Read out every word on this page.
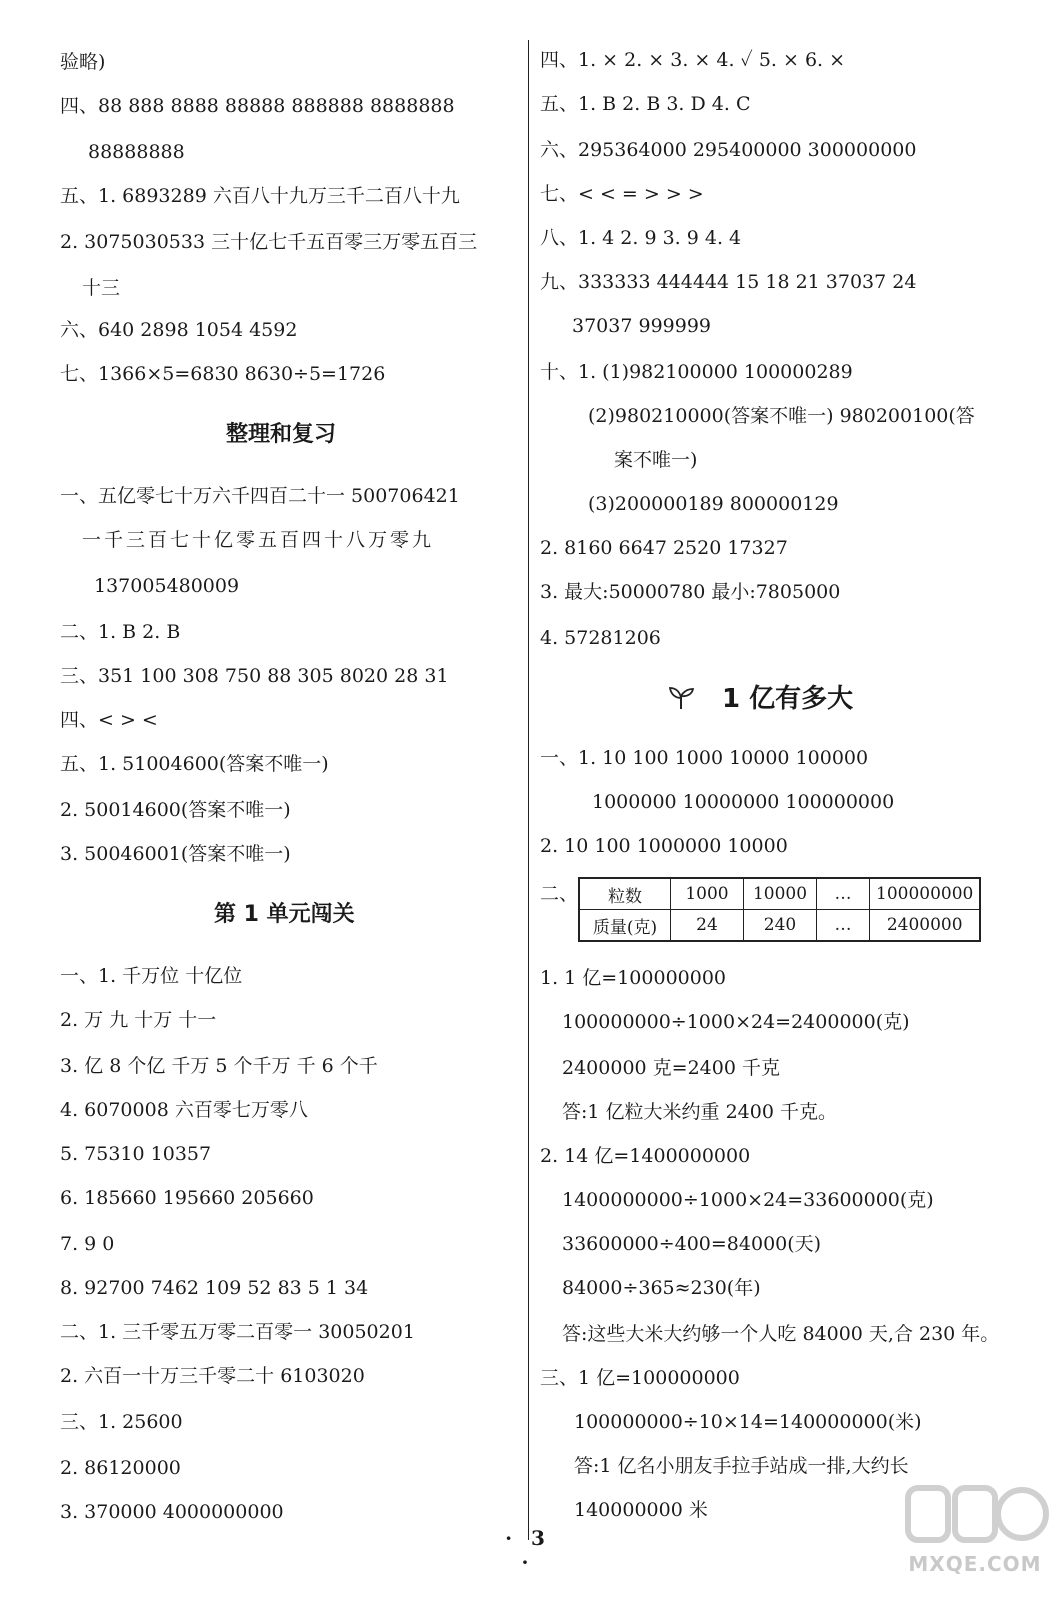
验略)
四、88 888 8888 88888 888888 8888888
88888888
五、1. 6893289 六百八十九万三千二百八十九
2. 3075030533 三十亿七千五百零三万零五百三
十三
六、640 2898 1054 4592
七、1366×5=6830 8630÷5=1726
整理和复习
一、五亿零七十万六千四百二十一 500706421
一千三百七十亿零五百四十八万零九
137005480009
二、1. B 2. B
三、351 100 308 750 88 305 8020 28 31
四、< > <
五、1. 51004600(答案不唯一)
2. 50014600(答案不唯一)
3. 50046001(答案不唯一)
第 1 单元闯关
一、1. 千万位 十亿位
2. 万 九 十万 十一
3. 亿 8 个亿 千万 5 个千万 千 6 个千
4. 6070008 六百零七万零八
5. 75310 10357
6. 185660 195660 205660
7. 9 0
8. 92700 7462 109 52 83 5 1 34
二、1. 三千零五万零二百零一 30050201
2. 六百一十万三千零二十 6103020
三、1. 25600
2. 86120000
3. 370000 4000000000
四、1. × 2. × 3. × 4. ✓ 5. × 6. ×
五、1. B 2. B 3. D 4. C
六、295364000 295400000 300000000
七、< < = > > >
八、1. 4 2. 9 3. 9 4. 4
九、333333 444444 15 18 21 37037 24
37037 999999
十、1. (1)982100000 100000289
(2)980210000(答案不唯一) 980200100(答
案不唯一)
(3)200000189 800000129
2. 8160 6647 2520 17327
3. 最大:50000780 最小:7805000
4. 57281206
1 亿有多大
一、1. 10 100 1000 10000 100000
1000000 10000000 100000000
2. 10 100 1000000 10000
二、 粒数	1000	10000	…	100000000
质量(克)	24	240	…	2400000
1. 1 亿=100000000
100000000÷1000×24=2400000(克)
2400000 克=2400 千克
答:1 亿粒大米约重 2400 千克。
2. 14 亿=1400000000
1400000000÷1000×24=33600000(克)
33600000÷400=84000(天)
84000÷365≈230(年)
答:这些大米大约够一个人吃 84000 天,合 230 年。
三、1 亿=100000000
100000000÷10×14=140000000(米)
答:1 亿名小朋友手拉手站成一排,大约长
140000000 米
· 3 ·	MXQE.COM
